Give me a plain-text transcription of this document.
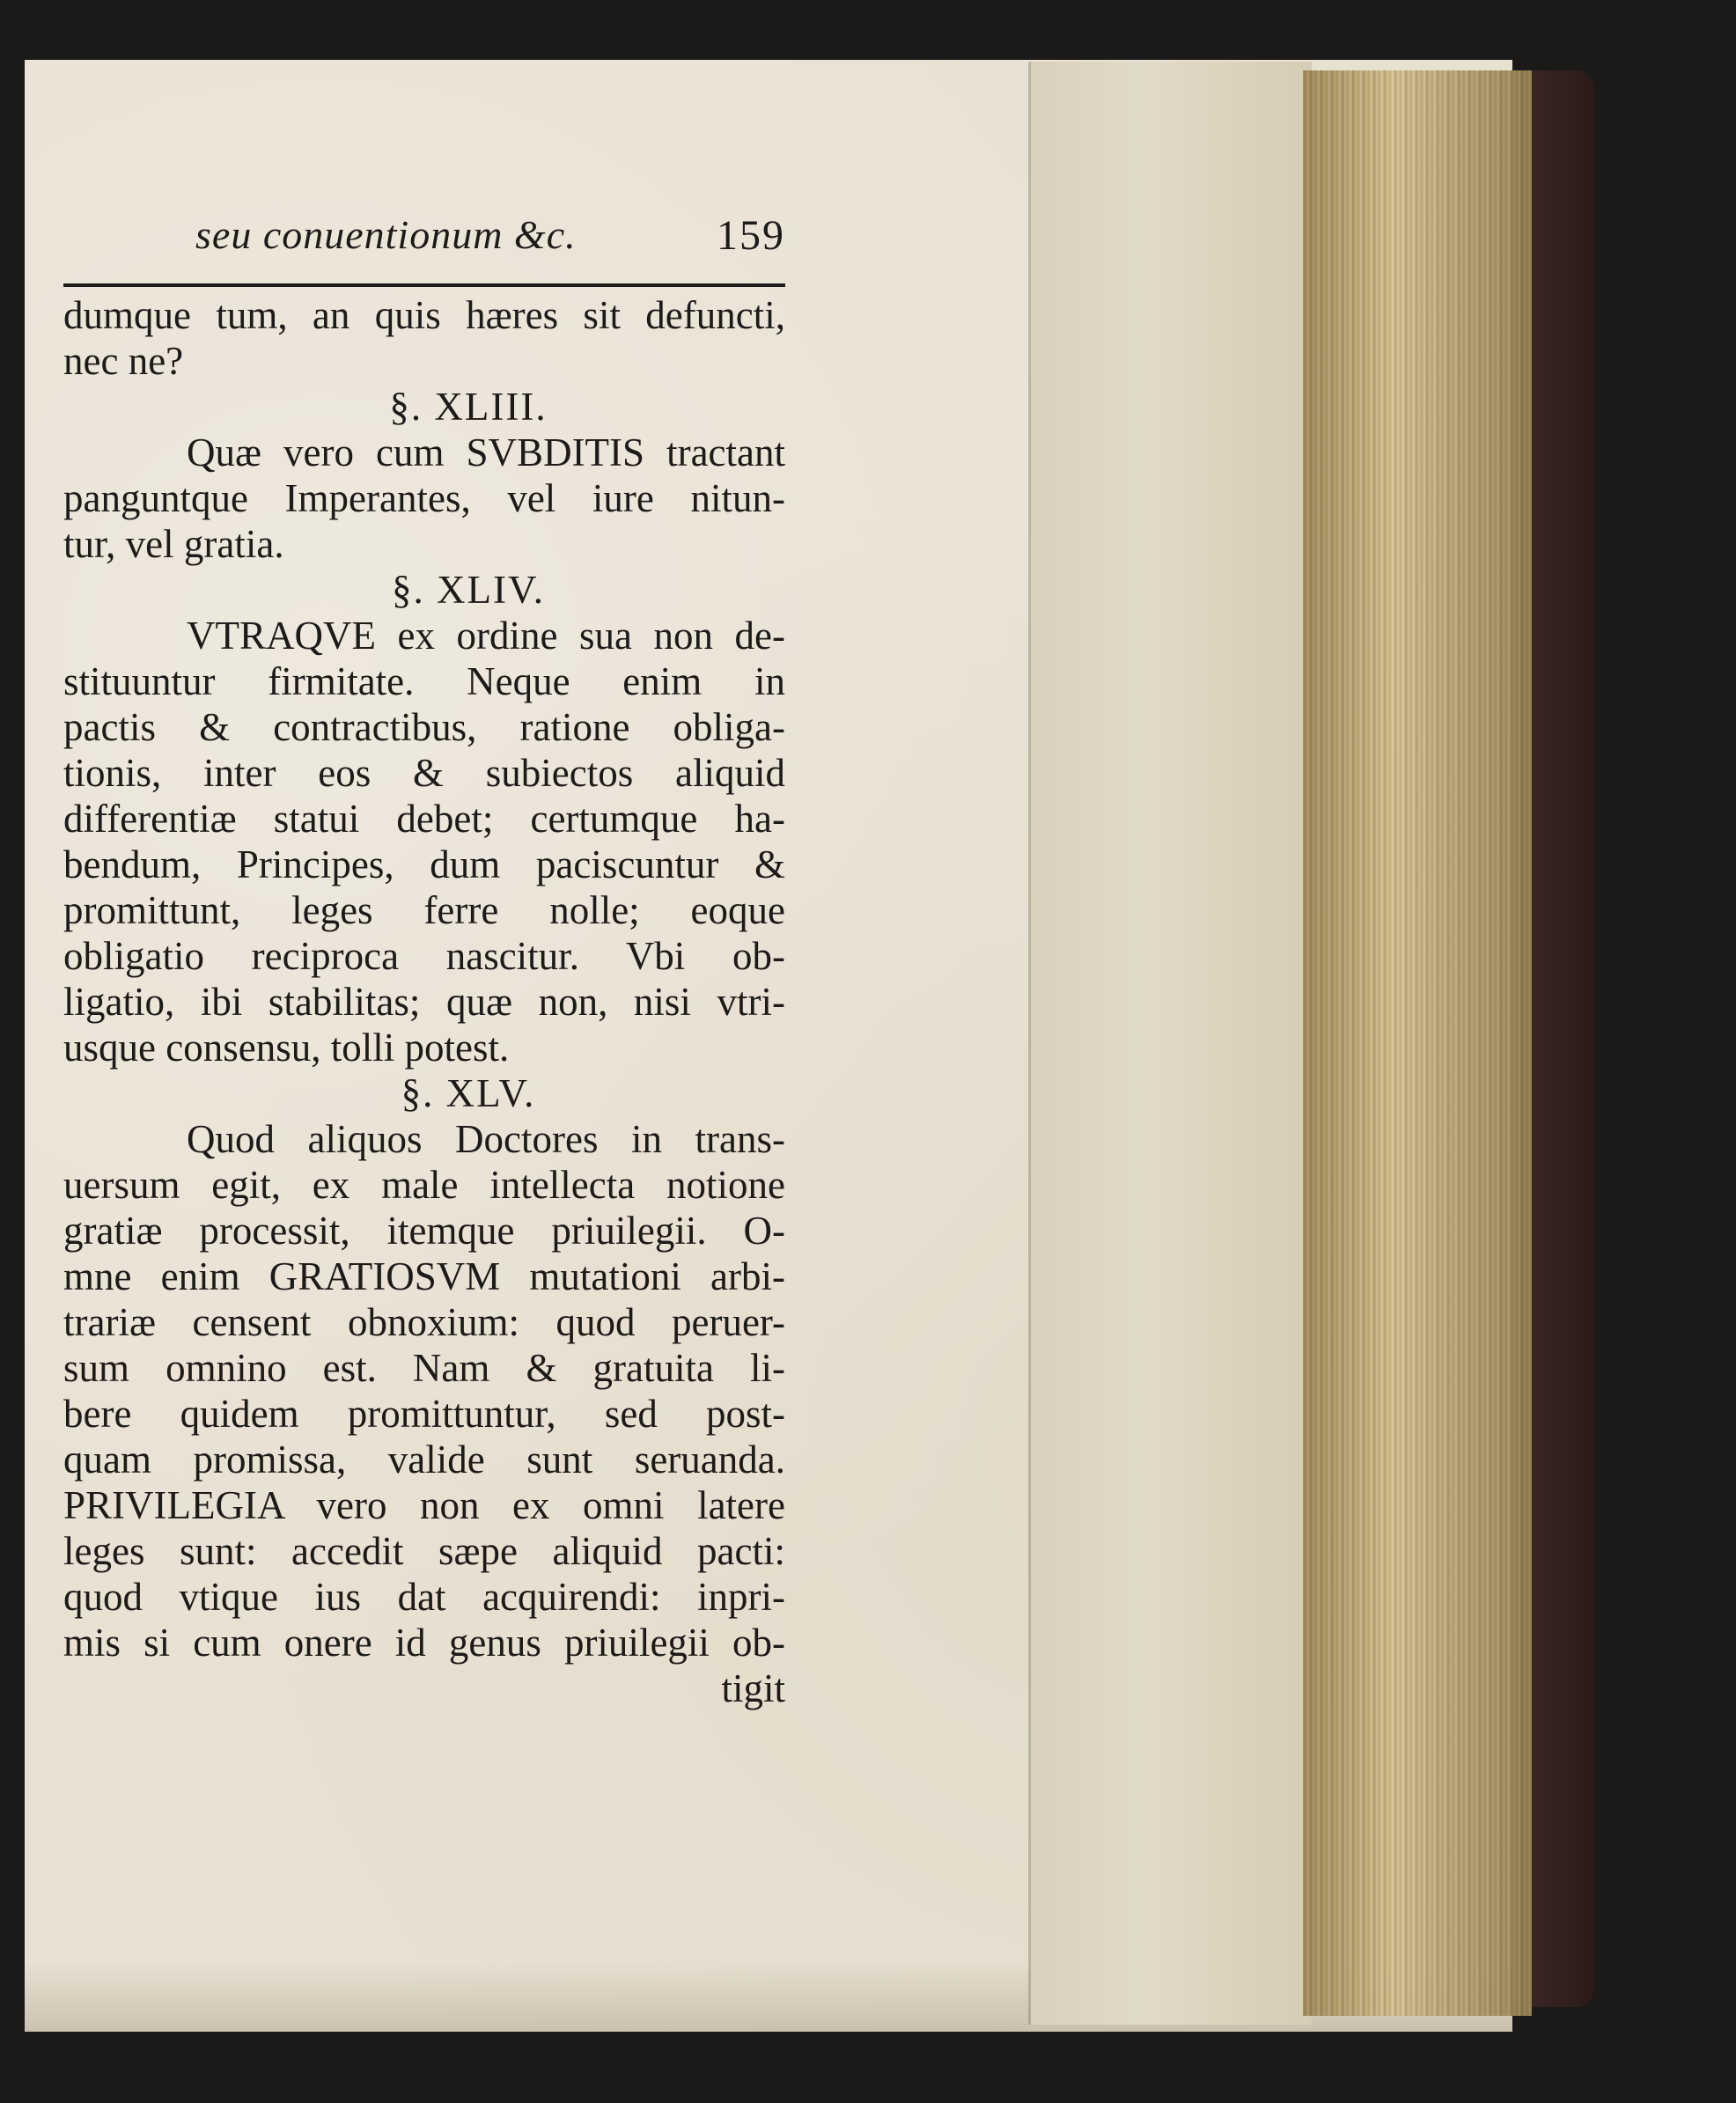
seu conuentionum &c.	159
dumque tum, an quis hæres sit defuncti,
nec ne?
§. XLIII.
Quæ vero cum SVBDITIS tractant
panguntque Imperantes, vel iure nitun-
tur, vel gratia.
§. XLIV.
VTRAQVE ex ordine sua non de-
stituuntur firmitate. Neque enim in
pactis & contractibus, ratione obliga-
tionis, inter eos & subiectos aliquid
differentiæ statui debet; certumque ha-
bendum, Principes, dum paciscuntur &
promittunt, leges ferre nolle; eoque
obligatio reciproca nascitur. Vbi ob-
ligatio, ibi stabilitas; quæ non, nisi vtri-
usque consensu, tolli potest.
§. XLV.
Quod aliquos Doctores in trans-
uersum egit, ex male intellecta notione
gratiæ processit, itemque priuilegii. O-
mne enim GRATIOSVM mutationi arbi-
trariæ censent obnoxium: quod peruer-
sum omnino est. Nam & gratuita li-
bere quidem promittuntur, sed post-
quam promissa, valide sunt seruanda.
PRIVILEGIA vero non ex omni latere
leges sunt: accedit sæpe aliquid pacti:
quod vtique ius dat acquirendi: inpri-
mis si cum onere id genus priuilegii ob-
tigit
